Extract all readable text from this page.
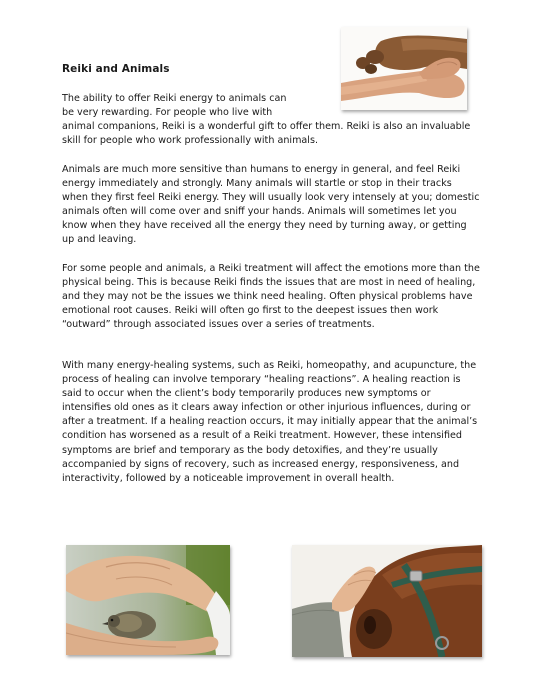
Reiki and Animals

The ability to offer Reiki energy to animals can
be very rewarding. For people who live with
animal companions, Reiki is a wonderful gift to offer them. Reiki is also an invaluable skill for people who work professionally with animals.

Animals are much more sensitive than humans to energy in general, and feel Reiki energy immediately and strongly. Many animals will startle or stop in their tracks when they first feel Reiki energy. They will usually look very intensely at you; domestic animals often will come over and sniff your hands. Animals will sometimes let you know when they have received all the energy they need by turning away, or getting up and leaving.

For some people and animals, a Reiki treatment will affect the emotions more than the physical being. This is because Reiki finds the issues that are most in need of healing, and they may not be the issues we think need healing. Often physical problems have emotional root causes. Reiki will often go first to the deepest issues then work “outward” through associated issues over a series of treatments.

With many energy-healing systems, such as Reiki, homeopathy, and acupuncture, the process of healing can involve temporary “healing reactions”. A healing reaction is said to occur when the client’s body temporarily produces new symptoms or intensifies old ones as it clears away infection or other injurious influences, during or after a treatment. If a healing reaction occurs, it may initially appear that the animal’s condition has worsened as a result of a Reiki treatment. However, these intensified symptoms are brief and temporary as the body detoxifies, and they’re usually accompanied by signs of recovery, such as increased energy, responsiveness, and interactivity, followed by a noticeable improvement in overall health.
